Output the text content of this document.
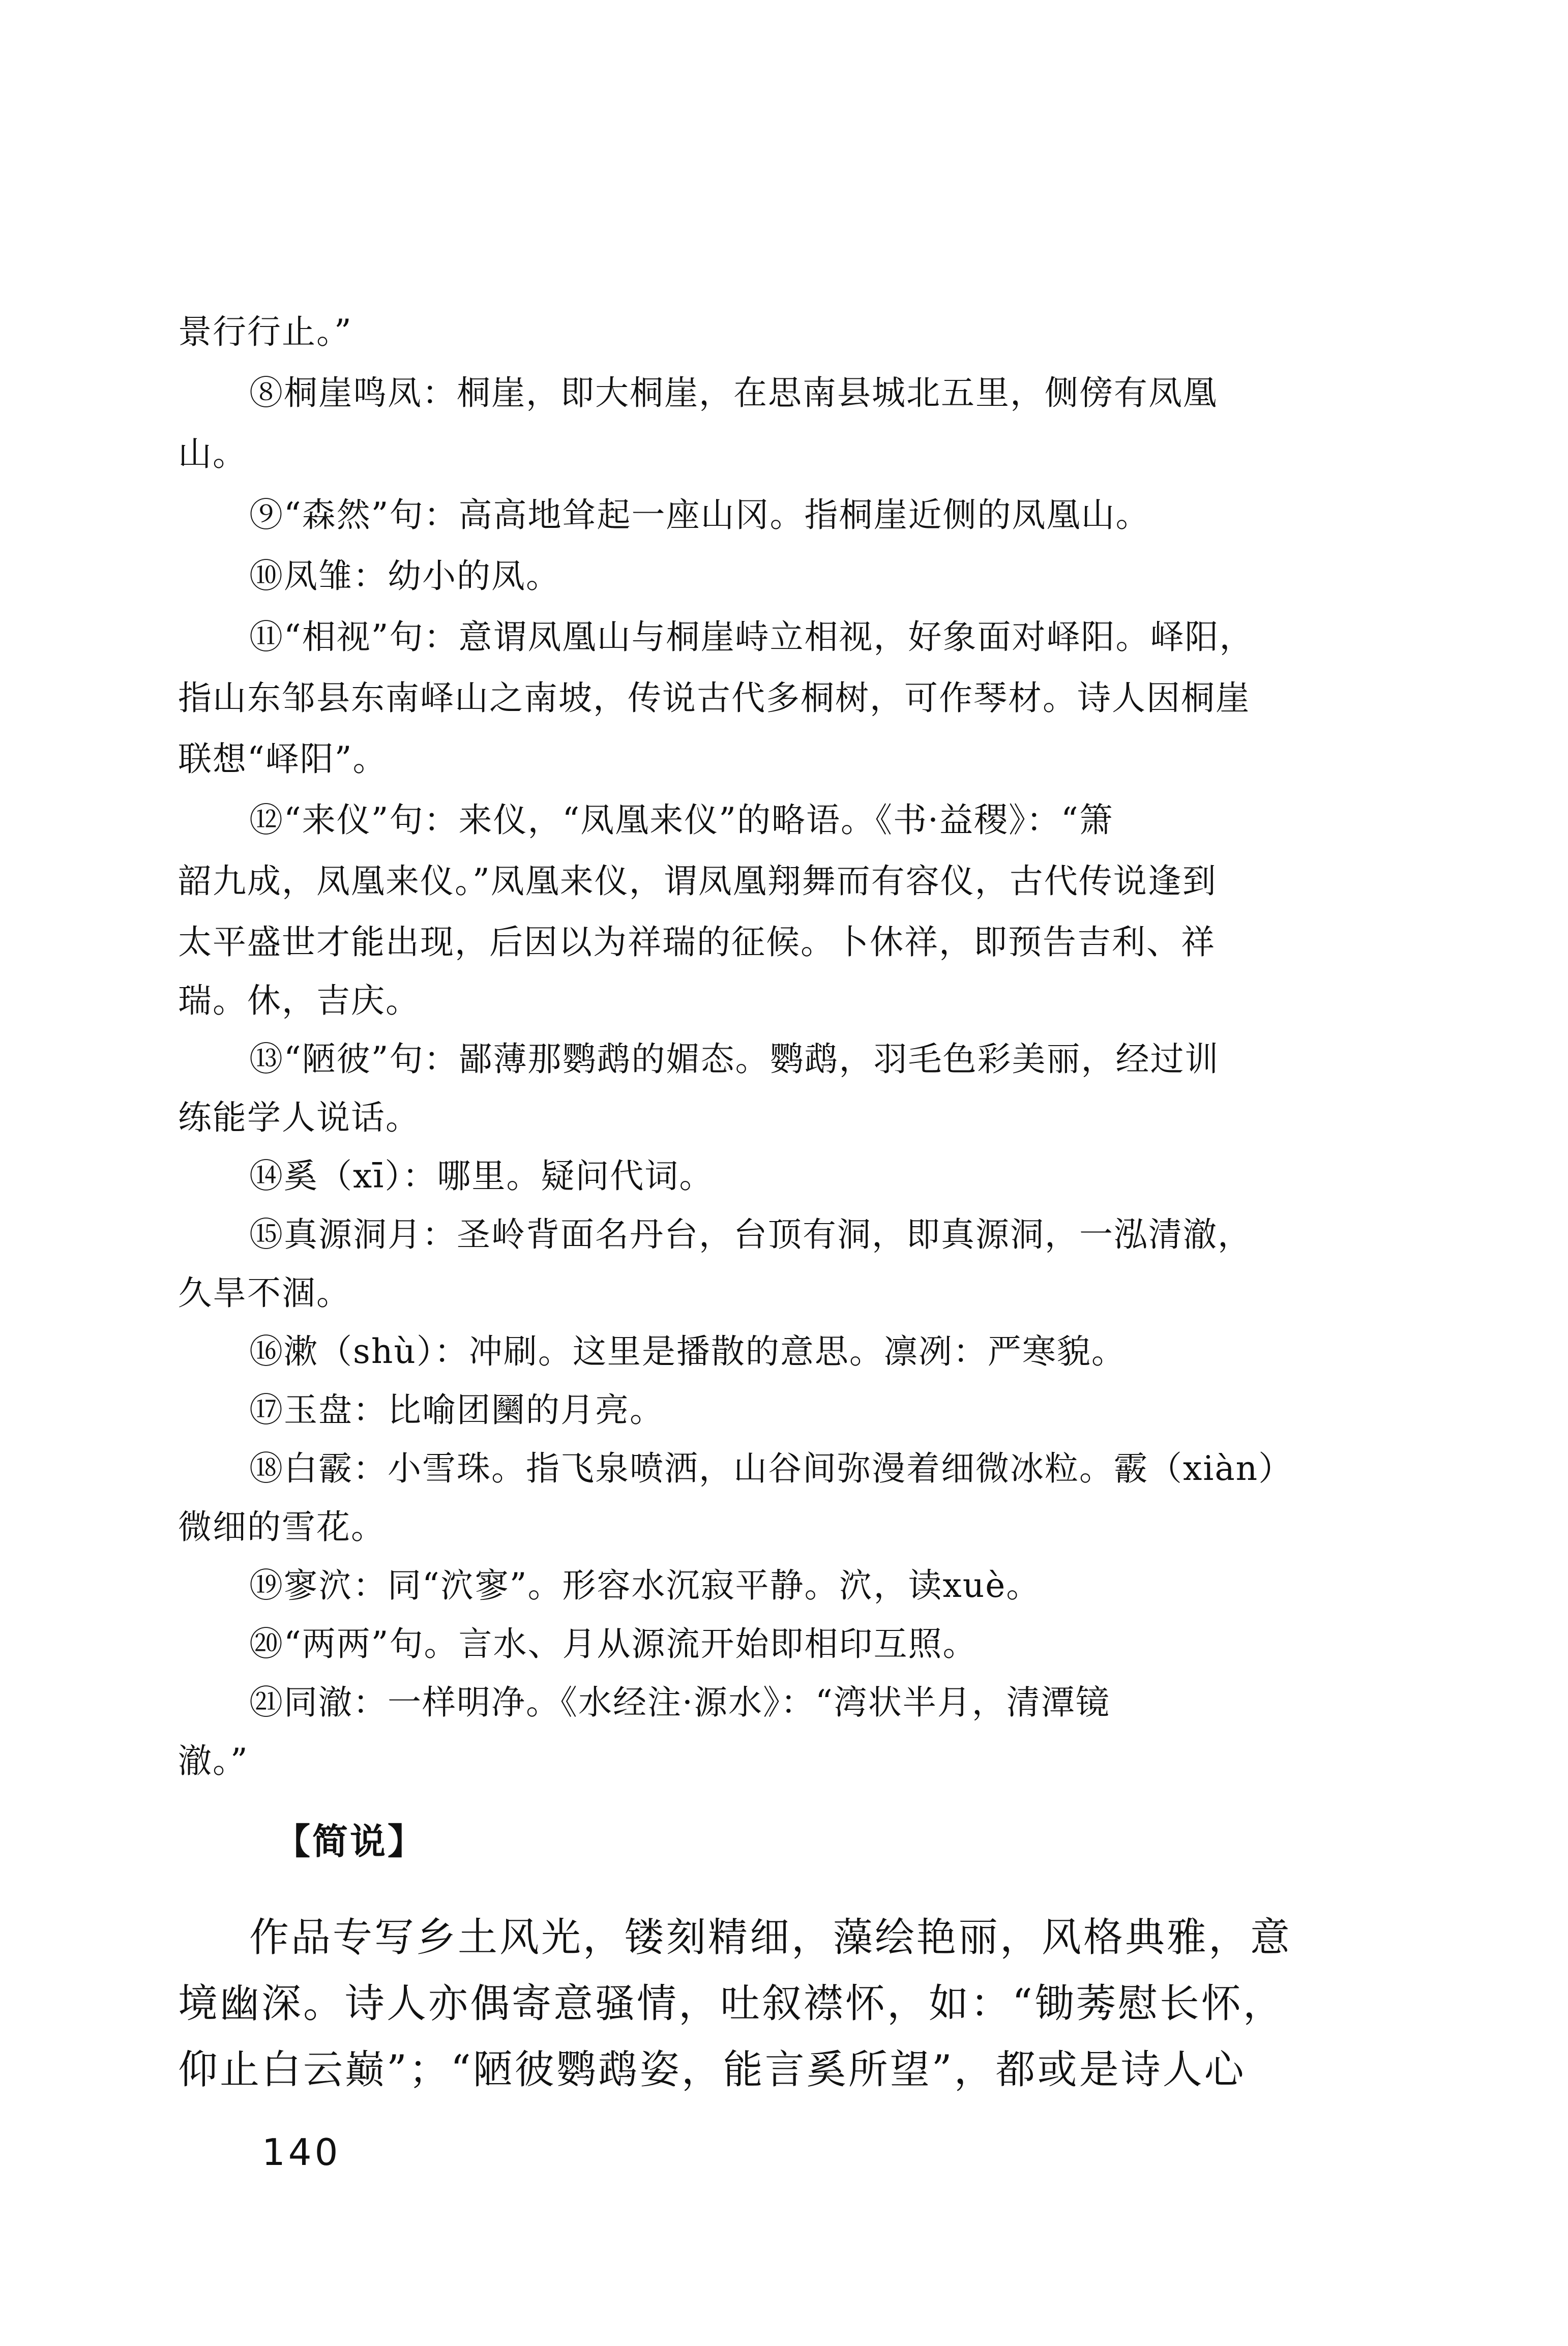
景行行止。”
⑧桐崖鸣凤：桐崖，即大桐崖，在思南县城北五里，侧傍有凤凰
山。
⑨“森然”句：高高地耸起一座山冈。指桐崖近侧的凤凰山。
⑩凤雏：幼小的凤。
⑪“相视”句：意谓凤凰山与桐崖峙立相视，好象面对峄阳。峄阳，
指山东邹县东南峄山之南坡，传说古代多桐树，可作琴材。诗人因桐崖
联想“峄阳”。
⑫“来仪”句：来仪，“凤凰来仪”的略语。《书·益稷》：“箫
韶九成，凤凰来仪。”凤凰来仪，谓凤凰翔舞而有容仪，古代传说逢到
太平盛世才能出现，后因以为祥瑞的征候。卜休祥，即预告吉利、祥
瑞。休，吉庆。
⑬“陋彼”句：鄙薄那鹦鹉的媚态。鹦鹉，羽毛色彩美丽，经过训
练能学人说话。
⑭奚（xī）：哪里。疑问代词。
⑮真源洞月：圣岭背面名丹台，台顶有洞，即真源洞，一泓清澈，
久旱不涸。
⑯漱（shù）：冲刷。这里是播散的意思。凛冽：严寒貌。
⑰玉盘：比喻团圞的月亮。
⑱白霰：小雪珠。指飞泉喷洒，山谷间弥漫着细微冰粒。霰（xiàn）
微细的雪花。
⑲寥泬：同“泬寥”。形容水沉寂平静。泬，读xuè。
⑳“两两”句。言水、月从源流开始即相印互照。
㉑同澈：一样明净。《水经注·源水》：“湾状半月，清潭镜
澈。”
【简说】
作品专写乡土风光，镂刻精细，藻绘艳丽，风格典雅，意
境幽深。诗人亦偶寄意骚情，吐叙襟怀，如：“锄莠慰长怀，
仰止白云巅”；“陋彼鹦鹉姿，能言奚所望”，都或是诗人心
140
